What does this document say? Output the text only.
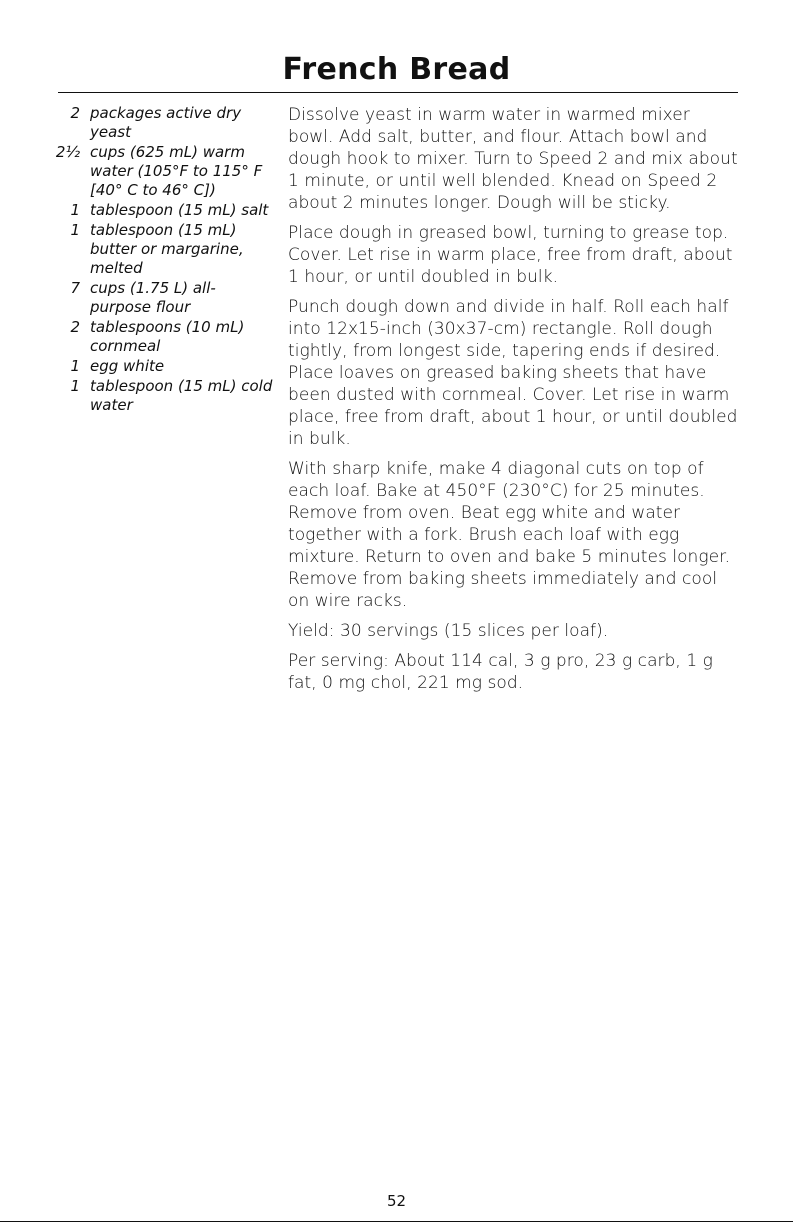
French Bread
2 packages active dry yeast
2½ cups (625 mL) warm water (105°F to 115° F [40° C to 46° C])
1 tablespoon (15 mL) salt
1 tablespoon (15 mL) butter or margarine, melted
7 cups (1.75 L) all-purpose flour
2 tablespoons (10 mL) cornmeal
1 egg white
1 tablespoon (15 mL) cold water

Dissolve yeast in warm water in warmed mixer bowl. Add salt, butter, and flour. Attach bowl and dough hook to mixer. Turn to Speed 2 and mix about 1 minute, or until well blended. Knead on Speed 2 about 2 minutes longer. Dough will be sticky.

Place dough in greased bowl, turning to grease top. Cover. Let rise in warm place, free from draft, about 1 hour, or until doubled in bulk.

Punch dough down and divide in half. Roll each half into 12x15-inch (30x37-cm) rectangle. Roll dough tightly, from longest side, tapering ends if desired. Place loaves on greased baking sheets that have been dusted with cornmeal. Cover. Let rise in warm place, free from draft, about 1 hour, or until doubled in bulk.

With sharp knife, make 4 diagonal cuts on top of each loaf. Bake at 450°F (230°C) for 25 minutes. Remove from oven. Beat egg white and water together with a fork. Brush each loaf with egg mixture. Return to oven and bake 5 minutes longer. Remove from baking sheets immediately and cool on wire racks.

Yield: 30 servings (15 slices per loaf).

Per serving: About 114 cal, 3 g pro, 23 g carb, 1 g fat, 0 mg chol, 221 mg sod.

52
